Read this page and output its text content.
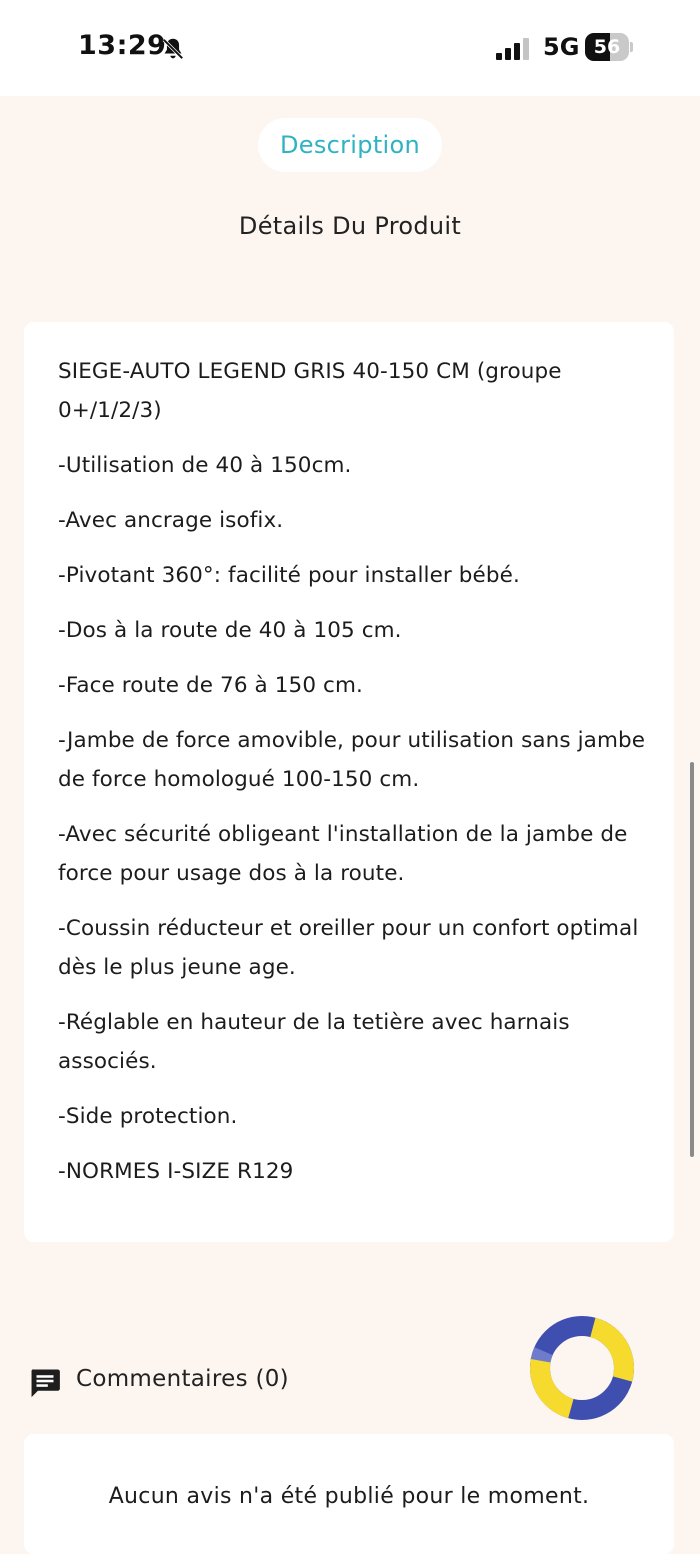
13:29	5G 56
Description
Détails Du Produit
SIEGE-AUTO LEGEND GRIS 40-150 CM (groupe 0+/1/2/3)
-Utilisation de 40 à 150cm.
-Avec ancrage isofix.
-Pivotant 360°: facilité pour installer bébé.
-Dos à la route de 40 à 105 cm.
-Face route de 76 à 150 cm.
-Jambe de force amovible, pour utilisation sans jambe de force homologué 100-150 cm.
-Avec sécurité obligeant l'installation de la jambe de force pour usage dos à la route.
-Coussin réducteur et oreiller pour un confort optimal dès le plus jeune age.
-Réglable en hauteur de la tetière avec harnais associés.
-Side protection.
-NORMES I-SIZE R129
Commentaires (0)
Aucun avis n'a été publié pour le moment.
